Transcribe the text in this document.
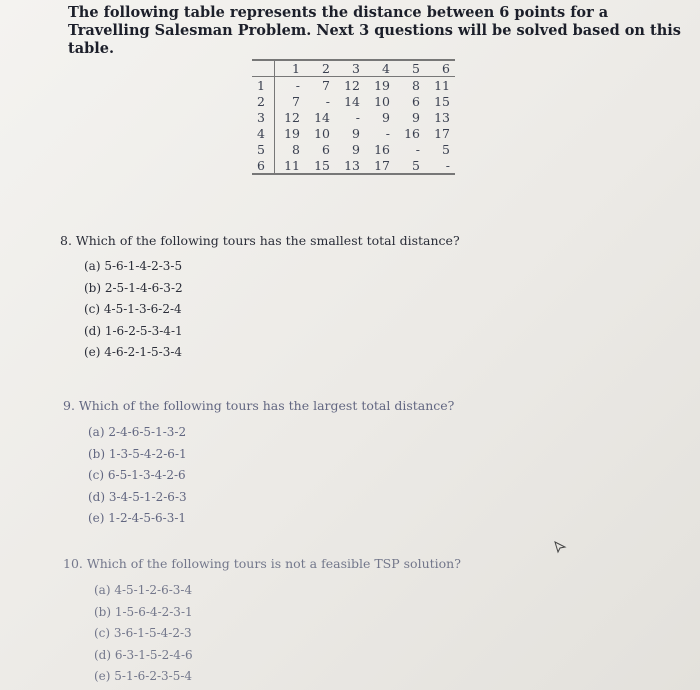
The following table represents the distance between 6 points for a Travelling Salesman Problem. Next 3 questions will be solved based on this table.
	1	2	3	4	5	6
1	-	7	12	19	8	11
2	7	-	14	10	6	15
3	12	14	-	9	9	13
4	19	10	9	-	16	17
5	8	6	9	16	-	5
6	11	15	13	17	5	-
8. Which of the following tours has the smallest total distance?
(a) 5-6-1-4-2-3-5
(b) 2-5-1-4-6-3-2
(c) 4-5-1-3-6-2-4
(d) 1-6-2-5-3-4-1
(e) 4-6-2-1-5-3-4
9. Which of the following tours has the largest total distance?
(a) 2-4-6-5-1-3-2
(b) 1-3-5-4-2-6-1
(c) 6-5-1-3-4-2-6
(d) 3-4-5-1-2-6-3
(e) 1-2-4-5-6-3-1
10. Which of the following tours is not a feasible TSP solution?
(a) 4-5-1-2-6-3-4
(b) 1-5-6-4-2-3-1
(c) 3-6-1-5-4-2-3
(d) 6-3-1-5-2-4-6
(e) 5-1-6-2-3-5-4
